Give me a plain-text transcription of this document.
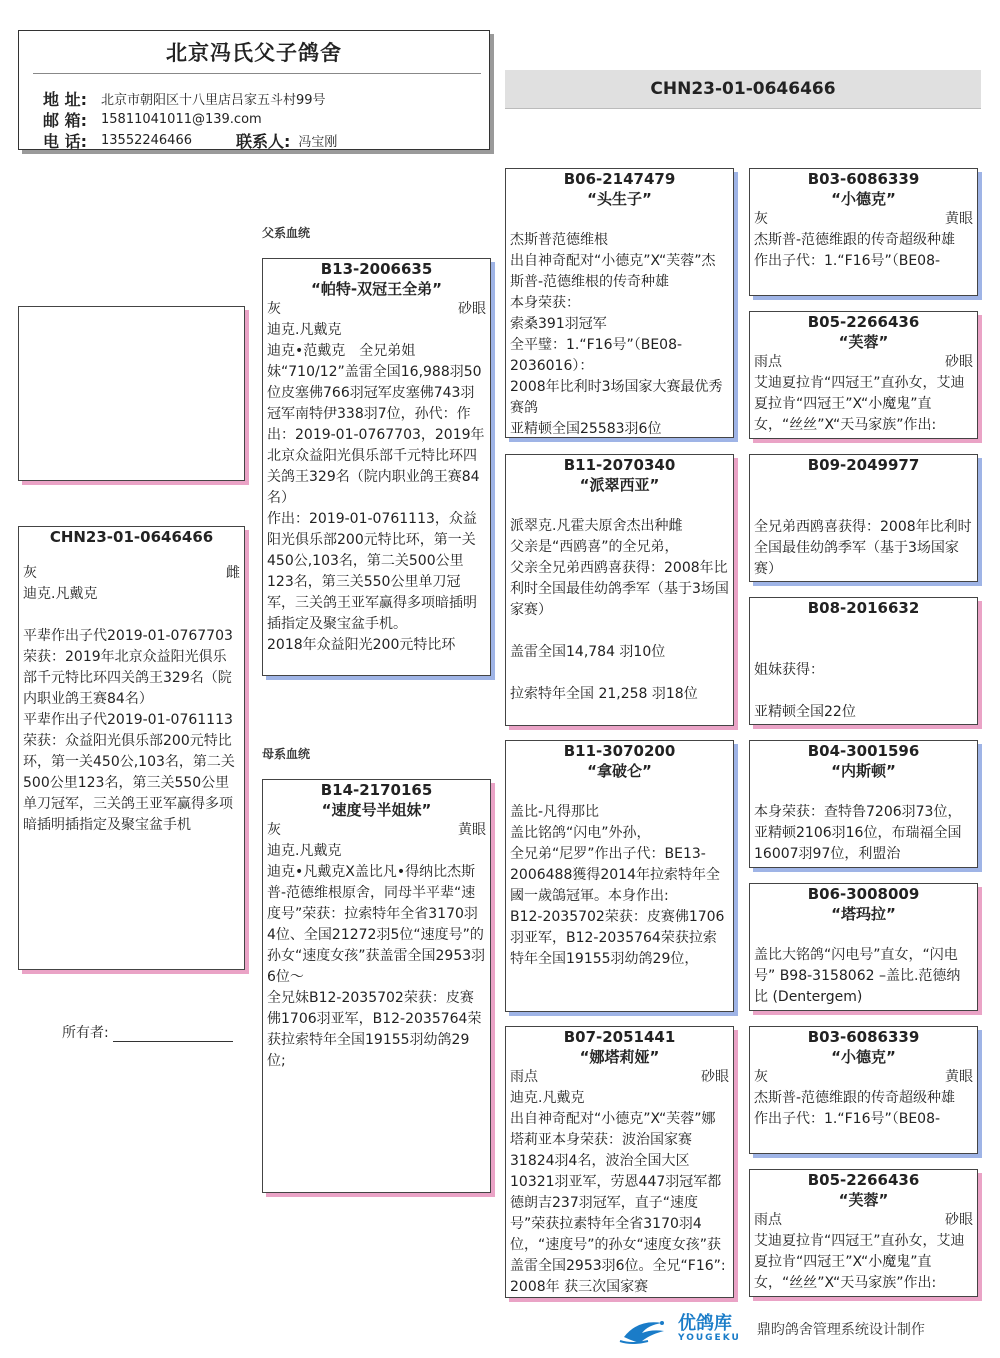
北京冯氏父子鸽舍
地 址:	北京市朝阳区十八里店吕家五斗村99号
邮 箱:	15811041011@139.com
电 话:	13552246466	联系人: 冯宝刚
CHN23-01-0646466
父系血统
母系血统
CHN23-01-0646466
灰	雌
迪克.凡戴克

平辈作出子代2019-01-0767703荣获：2019年北京众益阳光俱乐部千元特比环四关鸽王329名（院内职业鸽王赛84名）
平辈作出子代2019-01-0761113荣获：众益阳光俱乐部200元特比环，第一关450公,103名，第二关500公里123名，第三关550公里单刀冠军，三关鸽王亚军赢得多项暗插明插指定及聚宝盆手机
所有者:
B13-2006635
“帕特-双冠王全弟”
灰	砂眼
迪克.凡戴克
迪克•范戴克　全兄弟姐妹“710/12”盖雷全国16,988羽50位皮塞佛766羽冠军皮塞佛743羽冠军南特伊338羽7位，孙代：作出：2019-01-0767703，2019年北京众益阳光俱乐部千元特比环四关鸽王329名（院内职业鸽王赛84名）
作出：2019-01-0761113，众益阳光俱乐部200元特比环，第一关450公,103名，第二关500公里123名，第三关550公里单刀冠军，三关鸽王亚军赢得多项暗插明插指定及聚宝盆手机。
2018年众益阳光200元特比环
B14-2170165
“速度号半姐妹”
灰	黄眼
迪克.凡戴克
迪克•凡戴克X盖比凡•得纳比杰斯普-范德维根原舍，同母半平辈“速度号”荣获：拉索特年全省3170羽4位、全国21272羽5位“速度号”的孙女“速度女孩”获盖雷全国2953羽6位～
全兄妹B12-2035702荣获：皮赛佛1706羽亚军，B12-2035764荣获拉索特年全国19155羽幼鸽29位;
B06-2147479
“头生子”

杰斯普范德维根
出自神奇配对“小德克”X“芙蓉”杰斯普-范德维根的传奇种雄
本身荣获：
索桑391羽冠军
全平璧：1.“F16号”（BE08-2036016）：
2008年比利时3场国家大赛最优秀赛鸽
亚精顿全国25583羽6位
B11-2070340
“派翠西亚”

派翠克.凡霍夫原舍杰出种雌
父亲是“西鸥喜”的全兄弟，
父亲全兄弟西鸥喜获得：2008年比利时全国最佳幼鸽季军（基于3场国家赛）

盖雷全国14,784 羽10位

拉索特年全国 21,258 羽18位
B11-3070200
“拿破仑”

盖比-凡得那比
盖比铭鸽“闪电”外孙，
全兄弟“尼罗”作出子代：BE13-2006488獲得2014年拉索特年全國一歲鴿冠軍。本身作出:
B12-2035702荣获：皮赛佛1706羽亚军，B12-2035764荣获拉索特年全国19155羽幼鸽29位，
B07-2051441
“娜塔莉娅”
雨点	砂眼
迪克.凡戴克
出自神奇配对“小德克”X“芙蓉”娜塔莉亚本身荣获：波治国家赛31824羽4名，波治全国大区10321羽亚军，劳恩447羽冠军都德朗吉237羽冠军，直子“速度号”荣获拉素特年全省3170羽4位，“速度号”的孙女“速度女孩”获盖雷全国2953羽6位。全兄“F16”: 2008年 获三次国家赛
B03-6086339
“小德克”
灰	黄眼
杰斯普-范德维跟的传奇超级种雄
作出子代：1.“F16号”（BE08-
B05-2266436
“芙蓉”
雨点	砂眼
艾迪夏拉肯“四冠王”直孙女，艾迪夏拉肯“四冠王”X“小魔鬼”直女，“丝丝”X“天马家族”作出:
B09-2049977

全兄弟西鸥喜获得：2008年比利时全国最佳幼鸽季军（基于3场国家赛）
B08-2016632

姐妹获得：

亚精顿全国22位
B04-3001596
“内斯顿”

本身荣获：查特鲁7206羽73位，亚精顿2106羽16位，布瑞福全国16007羽97位，利盟治
B06-3008009
“塔玛拉”

盖比大铭鸽“闪电号”直女，“闪电号” B98-3158062 –盖比.范德纳比 (Dentergem)
B03-6086339
“小德克”
灰	黄眼
杰斯普-范德维跟的传奇超级种雄
作出子代：1.“F16号”（BE08-
B05-2266436
“芙蓉”
雨点	砂眼
艾迪夏拉肯“四冠王”直孙女，艾迪夏拉肯“四冠王”X“小魔鬼”直女，“丝丝”X“天马家族”作出:
优鸽库
YOUGEKU 鼎昀鸽舍管理系统设计制作
